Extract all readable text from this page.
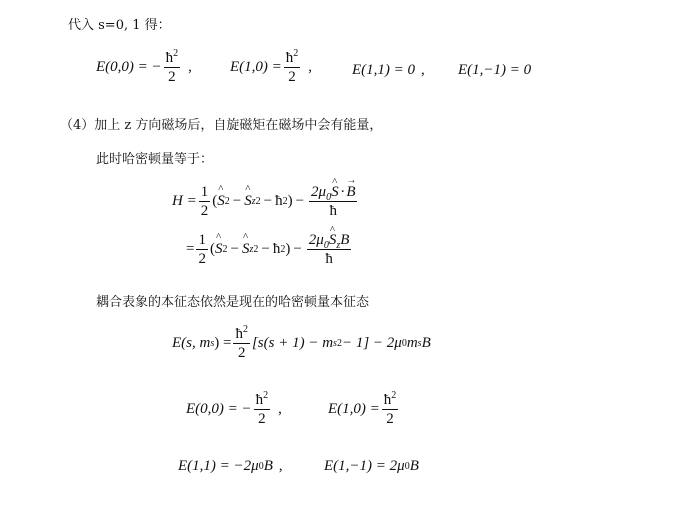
代入 s=0, 1 得：
E(0,0) = − $\frac{ħ^2}{2}$ ,	$E(1,0) = \frac{ħ^2}{2}$ ,	E(1,1) = 0 , E(1,−1) = 0
（4）加上 z 方向磁场后，自旋磁矩在磁场中会有能量，
此时哈密顿量等于：
$H = \frac{1}{2}$ ( ^ S 2 − ^ S z 2 − ħ 2 ) − $\frac{2\mu_0\^{} S \cdot \to B}{ħ}$
= $\frac{1}{2}$ ( ^ S 2 − ^ S z 2 − ħ 2 ) − $\frac{2\mu_0\^{} S_zB}{ħ}$
耦合表象的本征态依然是现在的哈密顿量本征态
E(s, m s ) = $\frac{ħ^2}{2} [s(s + 1) - m$ s 2 − 1] − 2μ 0 m s B
E(0,0) = − $\frac{ħ^2}{2}$ ,	$E(1,0) = \frac{ħ^2}{2}$
E(1,1) = −2μ 0 B ,	E(1,−1) = 2μ 0 B
